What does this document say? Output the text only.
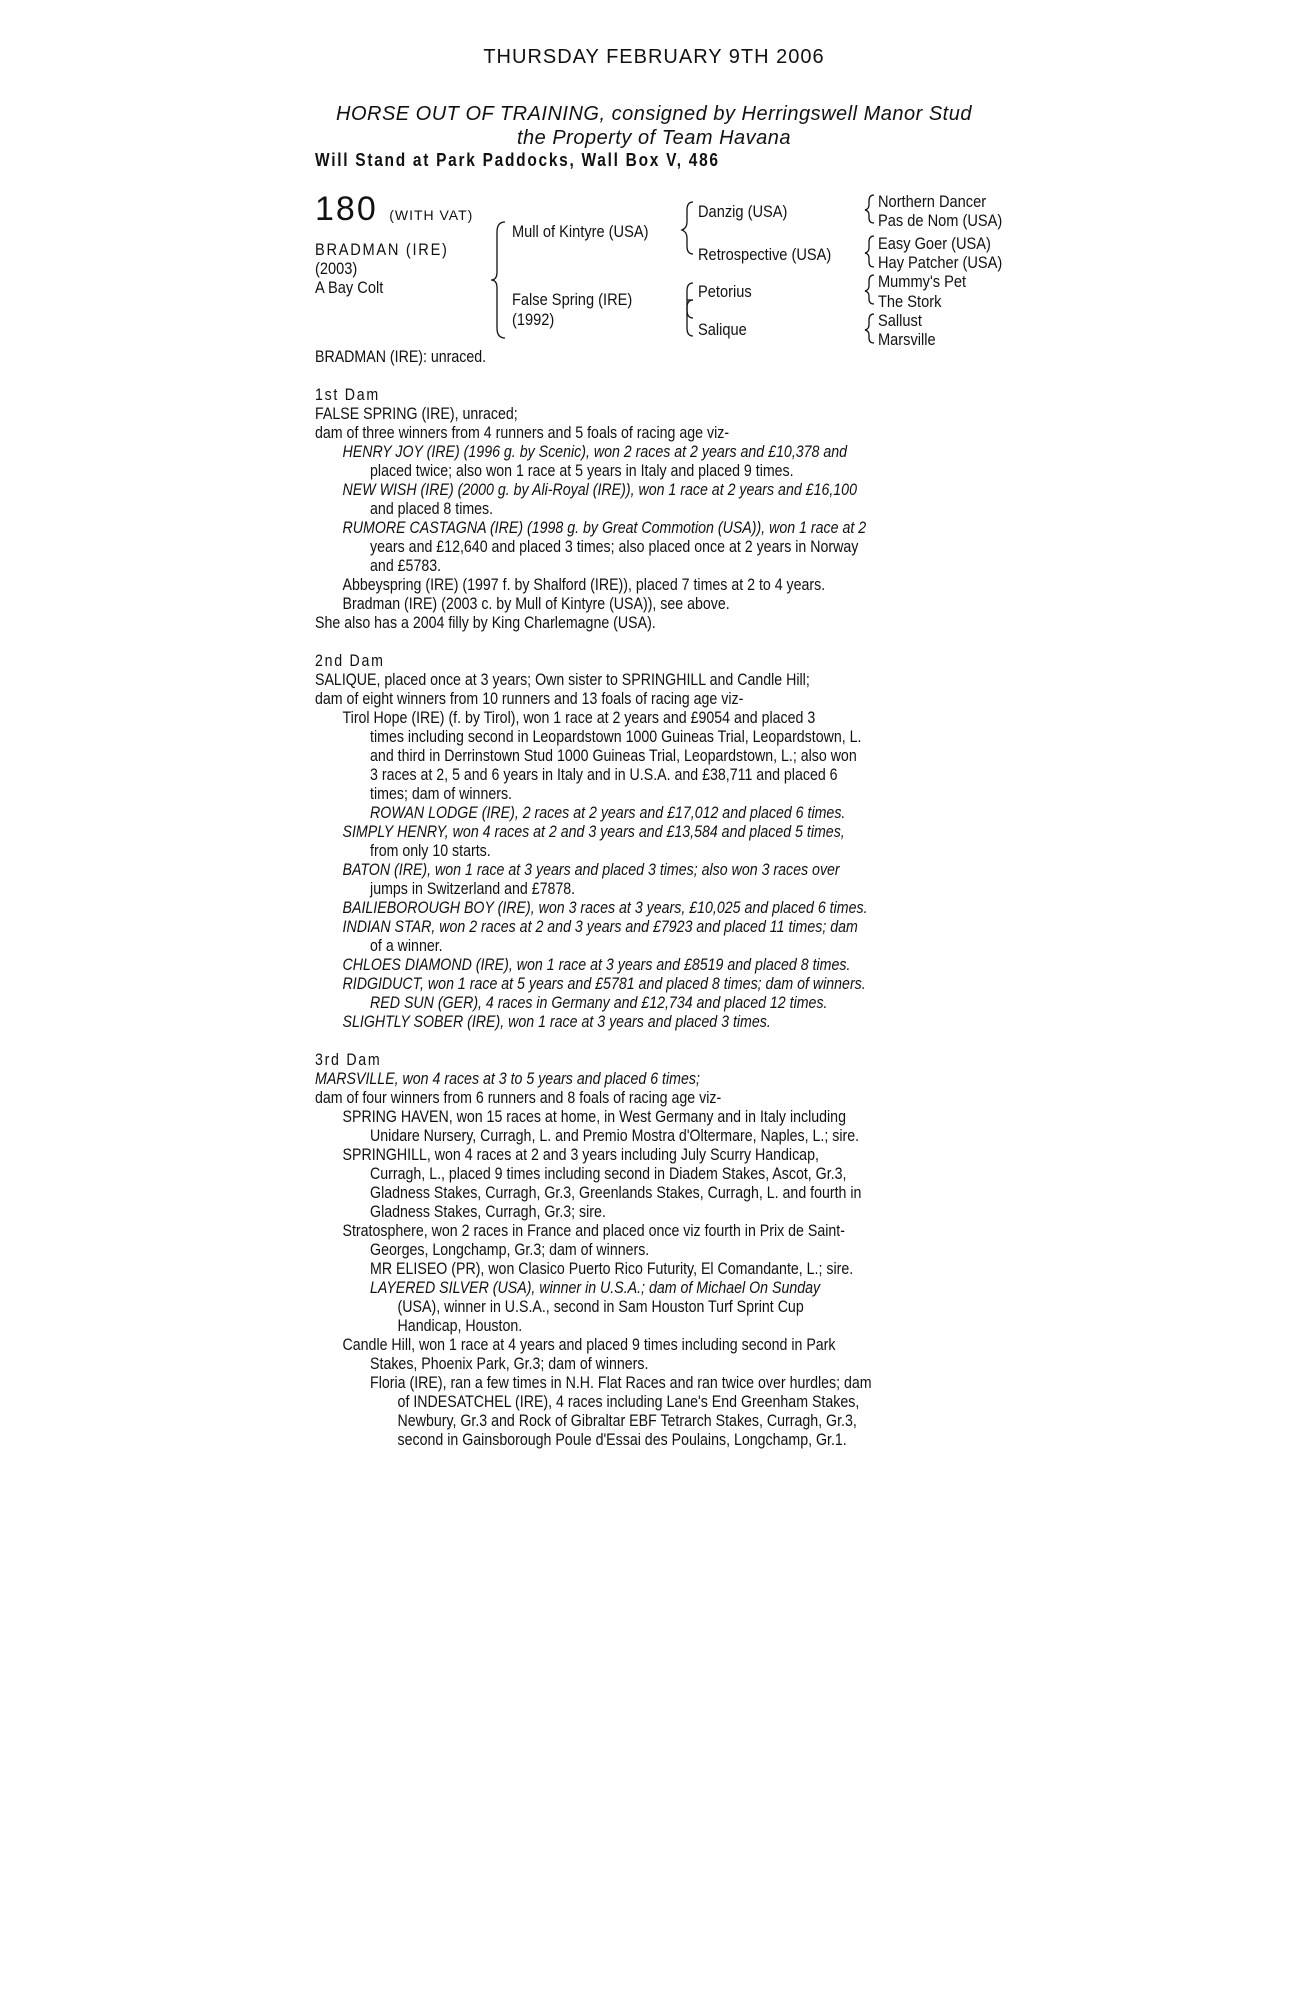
THURSDAY FEBRUARY 9TH 2006
HORSE OUT OF TRAINING, consigned by Herringswell Manor Stud
the Property of Team Havana
Will Stand at Park Paddocks, Wall Box V, 486
180 (WITH VAT)
BRADMAN (IRE)
(2003)
A Bay Colt
Mull of Kintyre (USA)
False Spring (IRE)
(1992)
Danzig (USA)
Retrospective (USA)
Petorius
Salique
Northern Dancer
Pas de Nom (USA)
Easy Goer (USA)
Hay Patcher (USA)
Mummy's Pet
The Stork
Sallust
Marsville
BRADMAN (IRE): unraced.
1st Dam
FALSE SPRING (IRE), unraced;
dam of three winners from 4 runners and 5 foals of racing age viz-
HENRY JOY (IRE) (1996 g. by Scenic), won 2 races at 2 years and £10,378 and
placed twice; also won 1 race at 5 years in Italy and placed 9 times.
NEW WISH (IRE) (2000 g. by Ali-Royal (IRE)), won 1 race at 2 years and £16,100
and placed 8 times.
RUMORE CASTAGNA (IRE) (1998 g. by Great Commotion (USA)), won 1 race at 2
years and £12,640 and placed 3 times; also placed once at 2 years in Norway
and £5783.
Abbeyspring (IRE) (1997 f. by Shalford (IRE)), placed 7 times at 2 to 4 years.
Bradman (IRE) (2003 c. by Mull of Kintyre (USA)), see above.
She also has a 2004 filly by King Charlemagne (USA).
2nd Dam
SALIQUE, placed once at 3 years; Own sister to SPRINGHILL and Candle Hill;
dam of eight winners from 10 runners and 13 foals of racing age viz-
Tirol Hope (IRE) (f. by Tirol), won 1 race at 2 years and £9054 and placed 3
times including second in Leopardstown 1000 Guineas Trial, Leopardstown, L.
and third in Derrinstown Stud 1000 Guineas Trial, Leopardstown, L.; also won
3 races at 2, 5 and 6 years in Italy and in U.S.A. and £38,711 and placed 6
times; dam of winners.
ROWAN LODGE (IRE), 2 races at 2 years and £17,012 and placed 6 times.
SIMPLY HENRY, won 4 races at 2 and 3 years and £13,584 and placed 5 times,
from only 10 starts.
BATON (IRE), won 1 race at 3 years and placed 3 times; also won 3 races over
jumps in Switzerland and £7878.
BAILIEBOROUGH BOY (IRE), won 3 races at 3 years, £10,025 and placed 6 times.
INDIAN STAR, won 2 races at 2 and 3 years and £7923 and placed 11 times; dam
of a winner.
CHLOES DIAMOND (IRE), won 1 race at 3 years and £8519 and placed 8 times.
RIDGIDUCT, won 1 race at 5 years and £5781 and placed 8 times; dam of winners.
RED SUN (GER), 4 races in Germany and £12,734 and placed 12 times.
SLIGHTLY SOBER (IRE), won 1 race at 3 years and placed 3 times.
3rd Dam
MARSVILLE, won 4 races at 3 to 5 years and placed 6 times;
dam of four winners from 6 runners and 8 foals of racing age viz-
SPRING HAVEN, won 15 races at home, in West Germany and in Italy including
Unidare Nursery, Curragh, L. and Premio Mostra d'Oltermare, Naples, L.; sire.
SPRINGHILL, won 4 races at 2 and 3 years including July Scurry Handicap,
Curragh, L., placed 9 times including second in Diadem Stakes, Ascot, Gr.3,
Gladness Stakes, Curragh, Gr.3, Greenlands Stakes, Curragh, L. and fourth in
Gladness Stakes, Curragh, Gr.3; sire.
Stratosphere, won 2 races in France and placed once viz fourth in Prix de Saint-
Georges, Longchamp, Gr.3; dam of winners.
MR ELISEO (PR), won Clasico Puerto Rico Futurity, El Comandante, L.; sire.
LAYERED SILVER (USA), winner in U.S.A.; dam of Michael On Sunday
(USA), winner in U.S.A., second in Sam Houston Turf Sprint Cup
Handicap, Houston.
Candle Hill, won 1 race at 4 years and placed 9 times including second in Park
Stakes, Phoenix Park, Gr.3; dam of winners.
Floria (IRE), ran a few times in N.H. Flat Races and ran twice over hurdles; dam
of INDESATCHEL (IRE), 4 races including Lane's End Greenham Stakes,
Newbury, Gr.3 and Rock of Gibraltar EBF Tetrarch Stakes, Curragh, Gr.3,
second in Gainsborough Poule d'Essai des Poulains, Longchamp, Gr.1.
